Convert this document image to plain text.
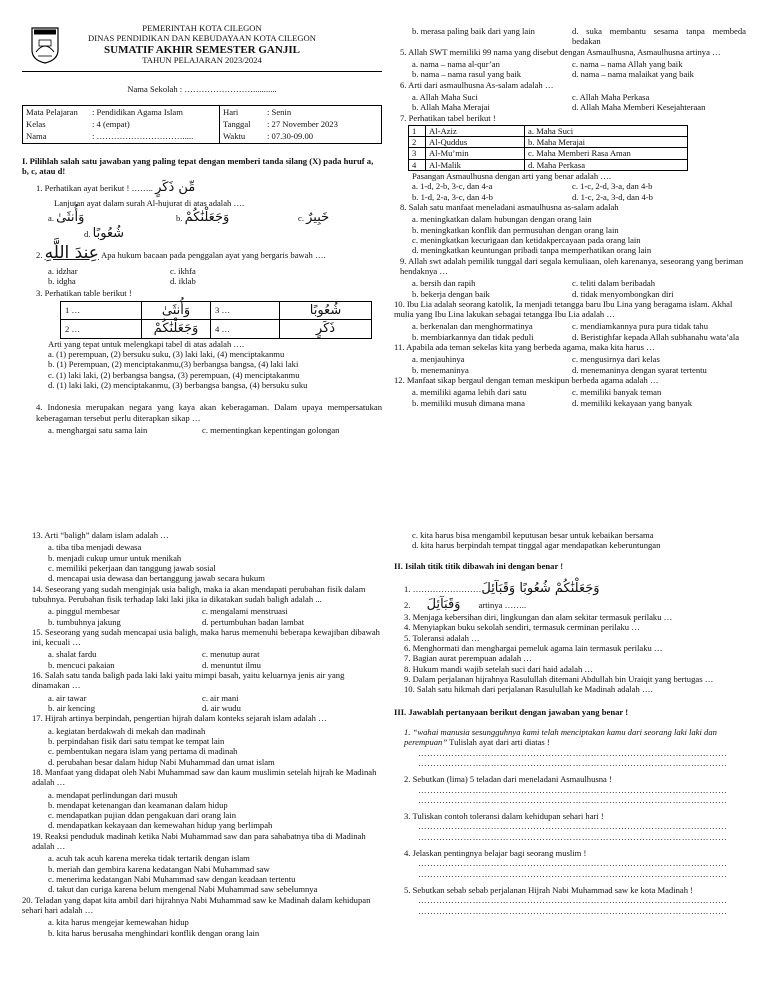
PEMERINTAH KOTA CILEGON
DINAS PENDIDIKAN DAN KEBUDAYAAN KOTA CILEGON
SUMATIF AKHIR SEMESTER GANJIL
TAHUN PELAJARAN 2023/2024
Nama Sekolah : ……………………...........
Mata Pelajaran	: Pendidikan Agama Islam	Hari	: Senin
Kelas	: 4 (empat)	Tanggal	: 27 November 2023
Nama	: ………………………….....	Waktu	: 07.30-09.00
I. Pilihlah salah satu jawaban yang paling tepat dengan memberi tanda silang (X) pada huruf a, b, c, atau d!
1. Perhatikan ayat berikut ! …….. مِّن ذَكَرٍ
Lanjutan ayat dalam surah Al-hujurat di atas adalah ….
a. وَأُنثَىٰ	b. وَجَعَلْنَٰكُمْ	c. خَبِيرٌ
d. شُعُوبًا
2. عِندَ اللَّهِ Apa hukum bacaan pada penggalan ayat yang bergaris bawah ….
a. idzhar	c. ikhfa
b. idgha	d. iklab
3. Perhatikan table berikut !
1 …	وَأُنثَىٰ	3 …	شُعُوبًا
2 …	وَجَعَلْنَٰكُمْ	4 …	ذَكَرٍ
Arti yang tepat untuk melengkapi tabel di atas adalah ….
a. (1) perempuan, (2) bersuku suku, (3) laki laki, (4) menciptakanmu
b. (1) Perempuan, (2) menciptakanmu,(3) berbangsa bangsa, (4) laki laki
c. (1) laki laki, (2) berbangsa bangsa, (3) perempuan, (4) menciptakanmu
d. (1) laki laki, (2) menciptakanmu, (3) berbangsa bangsa, (4) bersuku suku
4. Indonesia merupakan negara yang kaya akan keberagaman. Dalam upaya mempersatukan keberagaman tersebut perlu diterapkan sikap …
a. menghargai satu sama lain	c. mementingkan kepentingan golongan
b. merasa paling baik dari yang lain	d. suka membantu sesama tanpa membeda bedakan
5. Allah SWT memiliki 99 nama yang disebut dengan Asmaulhusna, Asmaulhusna artinya …
a. nama – nama al-qur’an	c. nama – nama Allah yang baik
b. nama – nama rasul yang baik	d. nama – nama malaikat yang baik
6. Arti dari asmaulhusna As-salam adalah …
a. Allah Maha Suci	c. Allah Maha Perkasa
b. Allah Maha Merajai	d. Allah Maha Memberi Kesejahteraan
7. Perhatikan tabel berikut !
1	Al-Aziz	a. Maha Suci
2	Al-Quddus	b. Maha Merajai
3	Al-Mu’min	c. Maha Memberi Rasa Aman
4	Al-Malik	d. Maha Perkasa
Pasangan Asmaulhusna dengan arti yang benar adalah ….
a. 1-d, 2-b, 3-c, dan 4-a	c. 1-c, 2-d, 3-a, dan 4-b
b. 1-d, 2-a, 3-c, dan 4-b	d. 1-c, 2-a, 3-d, dan 4-b
8. Salah satu manfaat meneladani asmaulhusna as-salam adalah
a. meningkatkan dalam hubungan dengan orang lain
b. meningkatkan konflik dan permusuhan dengan orang lain
c. meningkatkan kecurigaan dan ketidakpercayaan pada orang lain
d. meningkatkan keuntungan pribadi tanpa memperhatikan orang lain
9. Allah swt adalah pemilik tunggal dari segala kemuliaan, oleh karenanya, seseorang yang beriman hendaknya …
a. bersih dan rapih	c. teliti dalam beribadah
b. bekerja dengan baik	d. tidak menyombongkan diri
10. Ibu Lia adalah seorang katolik, Ia menjadi tetangga baru Ibu Lina yang beragama islam. Akhal mulia yang Ibu Lina lakukan sebagai tetangga Ibu Lia adalah …
a. berkenalan dan menghormatinya	c. mendiamkannya pura pura tidak tahu
b. membiarkannya dan tidak peduli	d. Beristighfar kepada Allah subhanahu wata’ala
11. Apabila ada teman sekelas kita yang berbeda agama, maka kita harus …
a. menjauhinya	c. mengusirnya dari kelas
b. menemaninya	d. menemaninya dengan syarat tertentu
12. Manfaat sikap bergaul dengan teman meskipun berbeda agama adalah …
a. memiliki agama lebih dari satu	c. memiliki banyak teman
b. memiliki musuh dimana mana	d. memiliki kekayaan yang banyak
13. Arti “baligh” dalam islam adalah …
a. tiba tiba menjadi dewasa
b. menjadi cukup umur untuk menikah
c. memiliki pekerjaan dan tanggung jawab sosial
d. mencapai usia dewasa dan bertanggung jawab secara hukum
14. Seseorang yang sudah menginjak usia baligh, maka ia akan mendapati perubahan fisik dalam tubuhnya. Perubahan fisik terhadap laki laki jika ia dikatakan sudah baligh adalah ...
a. pinggul membesar	c. mengalami menstruasi
b. tumbuhnya jakung	d. pertumbuhan badan lambat
15. Seseorang yang sudah mencapai usia baligh, maka harus memenuhi beberapa kewajiban dibawah ini, kecuali …
a. shalat fardu	c. menutup aurat
b. mencuci pakaian	d. menuntut ilmu
16. Salah satu tanda baligh pada laki laki yaitu mimpi basah, yaitu keluarnya jenis air yang dinamakan …
a. air tawar	c. air mani
b. air kencing	d. air wudu
17. Hijrah artinya berpindah, pengertian hijrah dalam konteks sejarah islam adalah …
a. kegiatan berdakwah di mekah dan madinah
b. perpindahan fisik dari satu tempat ke tempat lain
c. pembentukan negara islam yang pertama di madinah
d. perubahan besar dalam hidup Nabi Muhammad dan umat islam
18. Manfaat yang didapat oleh Nabi Muhammad saw dan kaum muslimin setelah hijrah ke Madinah adalah …
a. mendapat perlindungan dari musuh
b. mendapat ketenangan dan keamanan dalam hidup
c. mendapatkan pujian ddan pengakuan dari orang lain
d. mendapatkan kekayaan dan kemewahan hidup yang berlimpah
19. Reaksi penduduk madinah ketika Nabi Muhammad saw dan para sahabatnya tiba di Madinah adalah …
a. acuh tak acuh karena mereka tidak tertarik dengan islam
b. meriah dan gembira karena kedatangan Nabi Muhammad saw
c. menerima kedatangan Nabi Muhammad saw dengan keadaan tertentu
d. takut dan curiga karena belum mengenal Nabi Muhammad saw sebelumnya
20. Teladan yang dapat kita ambil dari hijrahnya Nabi Muhammad saw ke Madinah dalam kehidupan sehari hari adalah …
a. kita harus mengejar kemewahan hidup
b. kita harus berusaha menghindari konflik dengan orang lain
c. kita harus bisa mengambil keputusan besar untuk kebaikan bersama
d. kita harus berpindah tempat tinggal agar mendapatkan keberuntungan
II. Isilah titik titik dibawah ini dengan benar !
1. ……………………وَجَعَلْنَٰكُمْ شُعُوبًا وَقَبَآئِلَ
2. وَقَبَآئِلَ artinya ……..
3. Menjaga kebersihan diri, lingkungan dan alam sekitar termasuk perilaku …
4. Menyiapkan buku sekolah sendiri, termasuk cerminan perilaku …
5. Toleransi adalah …
6. Menghormati dan menghargai pemeluk agama lain termasuk perilaku …
7. Bagian aurat perempuan adalah …
8. Hukum mandi wajib setelah suci dari haid adalah …
9. Dalam perjalanan hijrahnya Rasulullah ditemani Abdullah bin Uraiqit yang bertugas …
10. Salah satu hikmah dari perjalanan Rasulullah ke Madinah adalah ….
III. Jawablah pertanyaan berikut dengan jawaban yang benar !
1. “wahai manusia sesungguhnya kami telah menciptakan kamu dari seorang laki laki dan perempuan” Tulislah ayat dari arti diatas !
…………………………………………………………………………………………
…………………………………………………………………………………………
2. Sebutkan (lima) 5 teladan dari meneladani Asmaulhusna !
…………………………………………………………………………………………
…………………………………………………………………………………………
3. Tuliskan contoh toleransi dalam kehidupan sehari hari !
…………………………………………………………………………………………
…………………………………………………………………………………………
4. Jelaskan pentingnya belajar bagi seorang muslim !
…………………………………………………………………………………………
…………………………………………………………………………………………
5. Sebutkan sebab sebab perjalanan Hijrah Nabi Muhammad saw ke kota Madinah !
…………………………………………………………………………………………
…………………………………………………………………………………………
